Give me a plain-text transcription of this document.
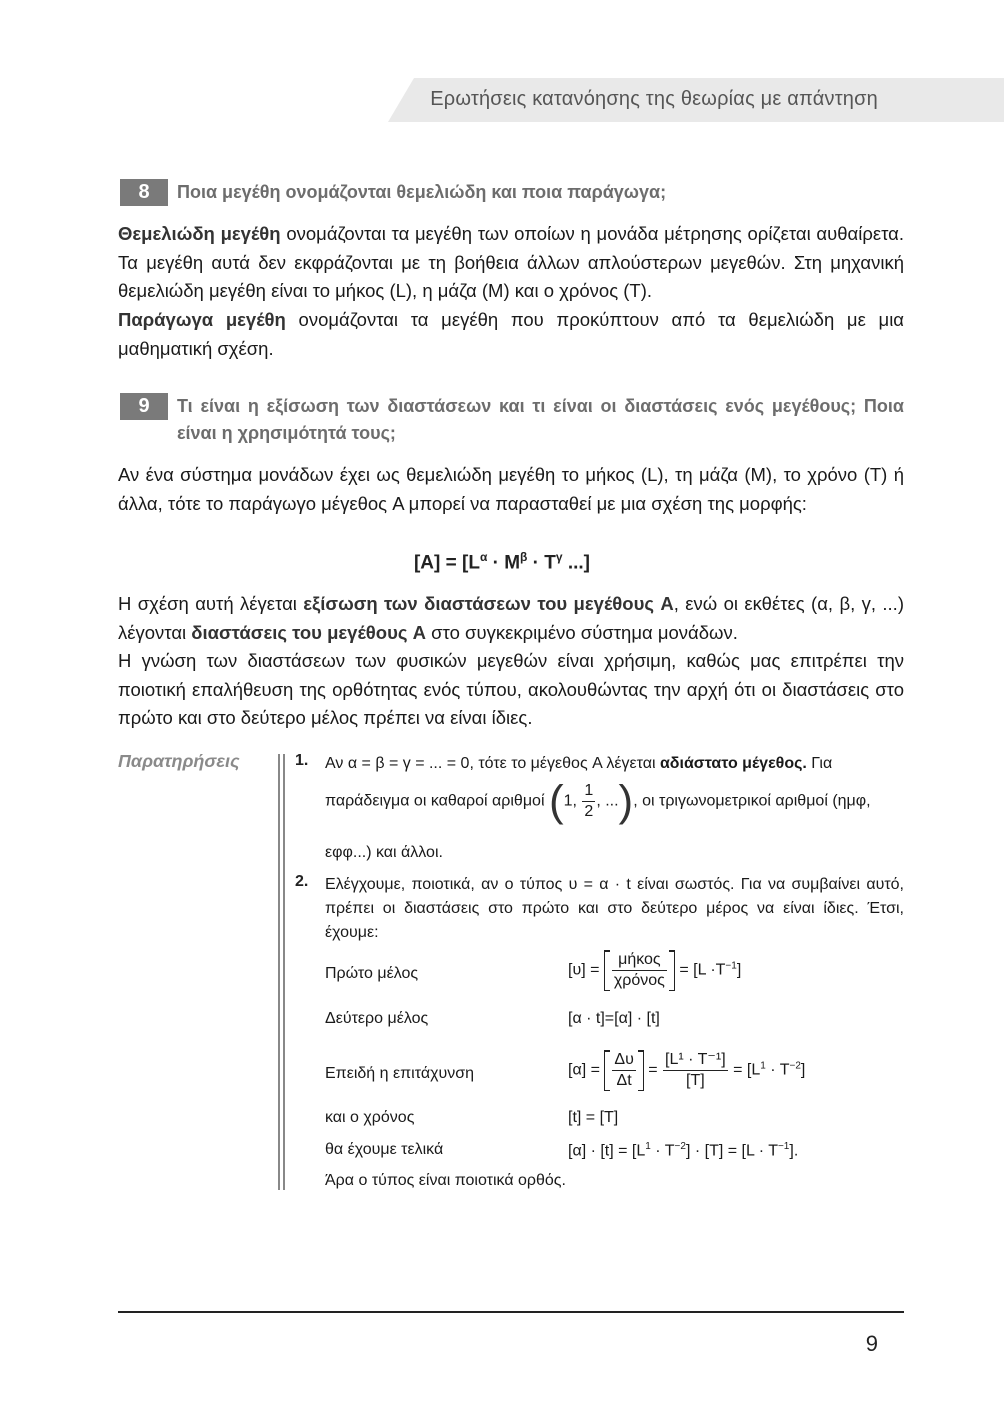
Ερωτήσεις κατανόησης της θεωρίας με απάντηση
8	Ποια μεγέθη ονομάζονται θεμελιώδη και ποια παράγωγα;
Θεμελιώδη μεγέθη ονομάζονται τα μεγέθη των οποίων η μονάδα μέτρησης ορίζεται αυθαίρετα. Τα μεγέθη αυτά δεν εκφράζονται με τη βοήθεια άλλων απλούστερων μεγεθών. Στη μηχανική θεμελιώδη μεγέθη είναι το μήκος (L), η μάζα (M) και ο χρόνος (T).
Παράγωγα μεγέθη ονομάζονται τα μεγέθη που προκύπτουν από τα θεμελιώδη με μια μαθηματική σχέση.
9	Τι είναι η εξίσωση των διαστάσεων και τι είναι οι διαστάσεις ενός μεγέθους; Ποια είναι η χρησιμότητά τους;
Αν ένα σύστημα μονάδων έχει ως θεμελιώδη μεγέθη το μήκος (L), τη μάζα (M), το χρόνο (T) ή άλλα, τότε το παράγωγο μέγεθος A μπορεί να παρασταθεί με μια σχέση της μορφής:
$[A] = [L^\alpha \cdot M^\beta \cdot T^\gamma$ ...]
Η σχέση αυτή λέγεται εξίσωση των διαστάσεων του μεγέθους A, ενώ οι εκθέτες (α, β, γ, ...) λέγονται διαστάσεις του μεγέθους A στο συγκεκριμένο σύστημα μονάδων.
Η γνώση των διαστάσεων των φυσικών μεγεθών είναι χρήσιμη, καθώς μας επιτρέπει την ποιοτική επαλήθευση της ορθότητας ενός τύπου, ακολουθώντας την αρχή ότι οι διαστάσεις στο πρώτο και στο δεύτερο μέλος πρέπει να είναι ίδιες.
Παρατηρήσεις	1. Αν α = β = γ = ... = 0, τότε το μέγεθος A λέγεται αδιάστατο μέγεθος. Για
παράδειγμα οι καθαροί αριθμοί (1, $\frac{1}{2}$ , ...), οι τριγωνομετρικοί αριθμοί (ημφ,
εφφ...) και άλλοι.
2. Ελέγχουμε, ποιοτικά, αν ο τύπος υ = α · t είναι σωστός. Για να συμβαίνει αυτό, πρέπει οι διαστάσεις στο πρώτο και στο δεύτερο μέρος να είναι ίδιες. Έτσι, έχουμε:
Πρώτο μέλος	$[\upsilon] = \frac{\text{μήκος}}{\text{χρόνος}} = [L \cdot T^{-1}]$
Δεύτερο μέλος	[α · t]=[α] · [t]
Επειδή η επιτάχυνση	$[\alpha] = \frac{\Delta\upsilon}{\Delta t} = \frac{\text{[L¹ · T⁻¹]}}{[T]} = [L^1 \cdot T^{-2}]$
και ο χρόνος	[t] = [T]
θα έχουμε τελικά	$[\alpha] \cdot [t] = [L^1 \cdot T^{-2}] \cdot [T] = [L \cdot T^{-1}]$.
Άρα ο τύπος είναι ποιοτικά ορθός.
9
